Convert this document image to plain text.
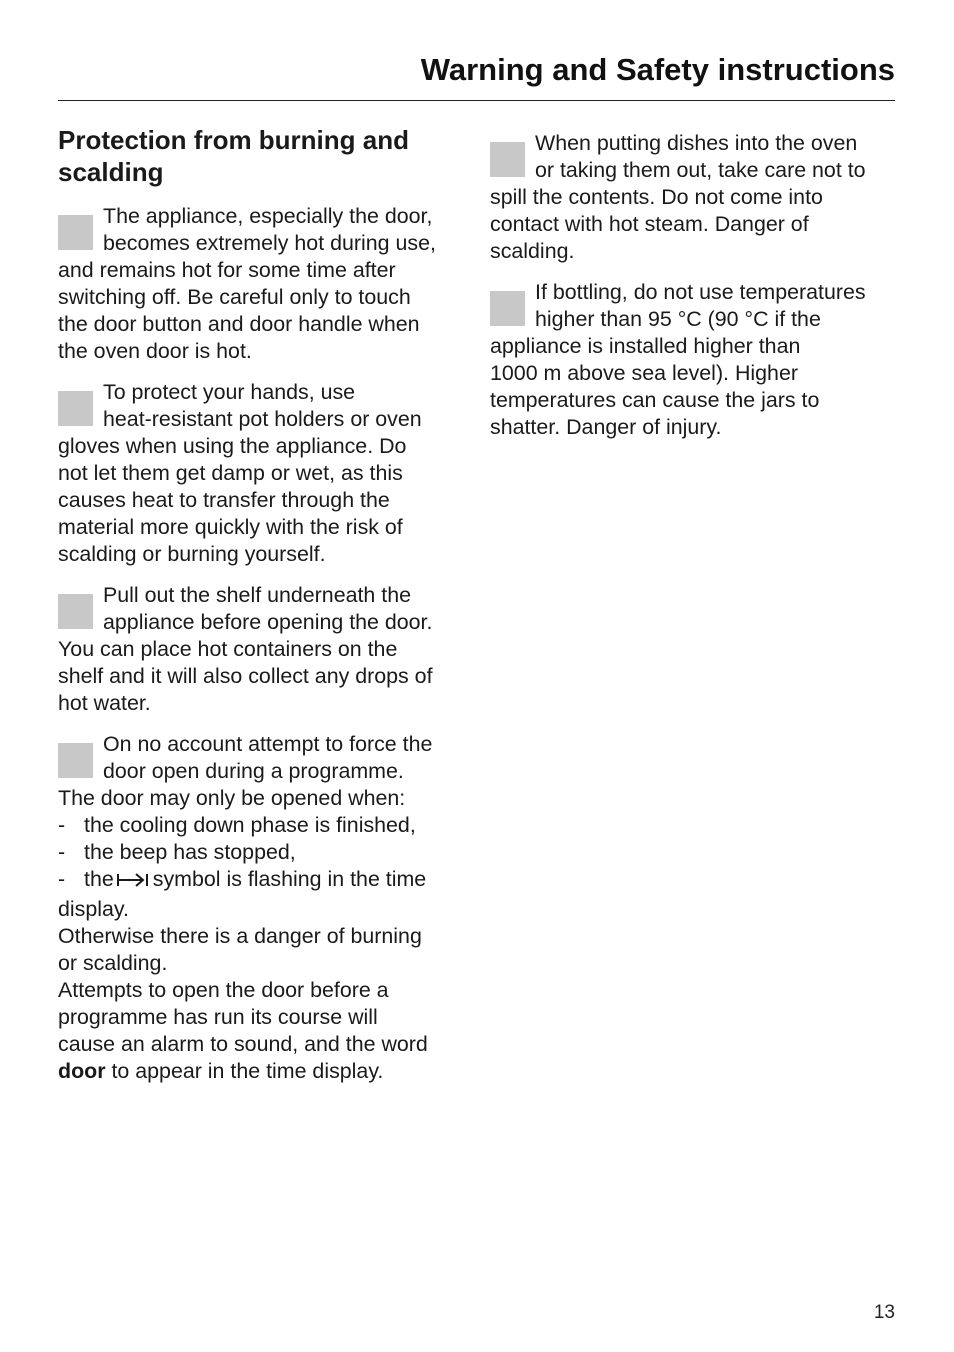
Warning and Safety instructions
Protection from burning and
scalding
The appliance, especially the door,
becomes extremely hot during use,
and remains hot for some time after
switching off. Be careful only to touch
the door button and door handle when
the oven door is hot.
To protect your hands, use
heat-resistant pot holders or oven
gloves when using the appliance. Do
not let them get damp or wet, as this
causes heat to transfer through the
material more quickly with the risk of
scalding or burning yourself.
Pull out the shelf underneath the
appliance before opening the door.
You can place hot containers on the
shelf and it will also collect any drops of
hot water.
On no account attempt to force the
door open during a programme.
The door may only be opened when:
- the cooling down phase is finished,
- the beep has stopped,
- the symbol is flashing in the time
display.
Otherwise there is a danger of burning
or scalding.
Attempts to open the door before a
programme has run its course will
cause an alarm to sound, and the word
door to appear in the time display.
When putting dishes into the oven
or taking them out, take care not to
spill the contents. Do not come into
contact with hot steam. Danger of
scalding.
If bottling, do not use temperatures
higher than 95 °C (90 °C if the
appliance is installed higher than
1000 m above sea level). Higher
temperatures can cause the jars to
shatter. Danger of injury.
13
